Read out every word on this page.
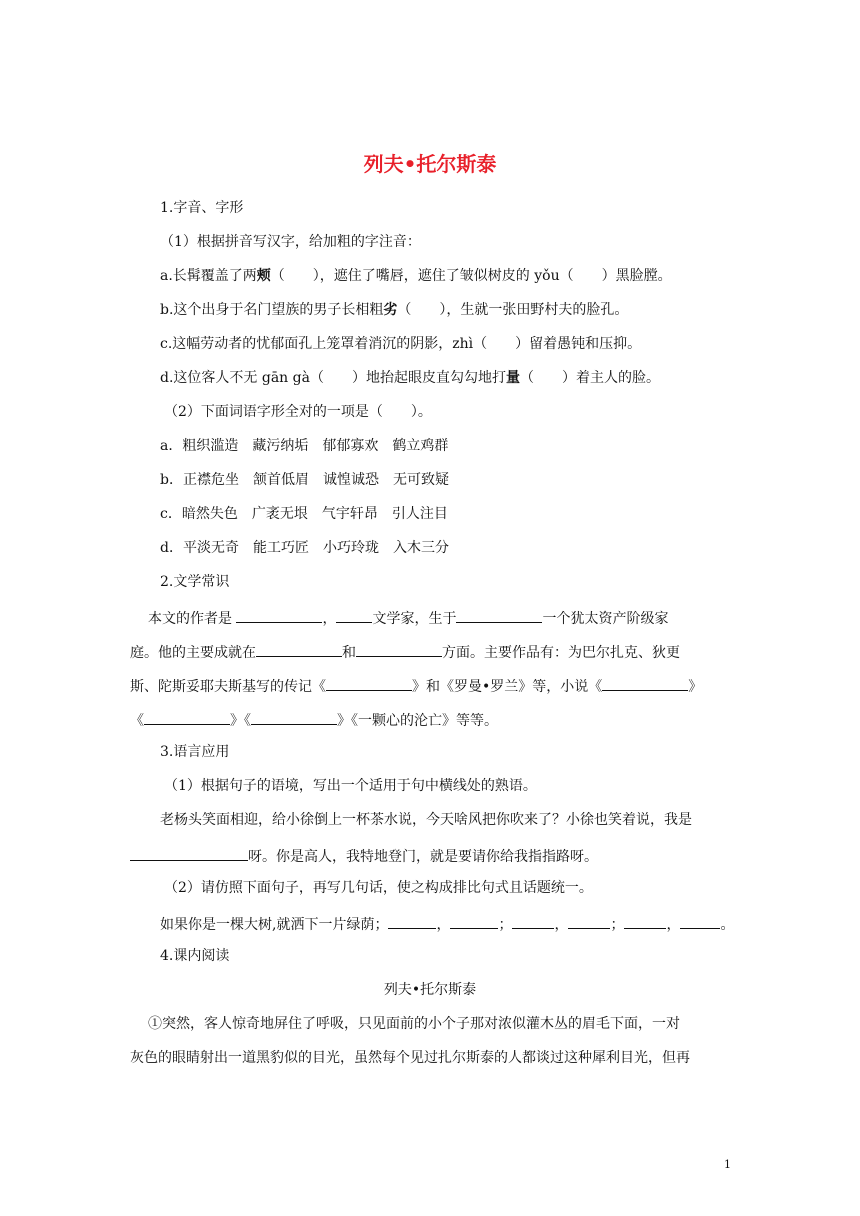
列夫•托尔斯泰
1.字音、字形
（1）根据拼音写汉字，给加粗的字注音：
a.长髯覆盖了两颊（　　），遮住了嘴唇，遮住了皱似树皮的 yǒu（　　）黑脸膛。
b.这个出身于名门望族的男子长相粗劣（　　），生就一张田野村夫的脸孔。
c.这幅劳动者的忧郁面孔上笼罩着消沉的阴影，zhì（　　）留着愚钝和压抑。
d.这位客人不无 gān gà（　　）地抬起眼皮直勾勾地打量（　　）着主人的脸。
（2）下面词语字形全对的一项是（　　）。
a．粗织滥造 藏污纳垢 郁郁寡欢 鹤立鸡群
b．正襟危坐 颔首低眉 诚惶诚恐 无可致疑
c．暗然失色 广袤无垠 气宇轩昂 引人注目
d．平淡无奇 能工巧匠 小巧玲珑 入木三分
2.文学常识
本文的作者是	，	文学家，生于	一个犹太资产阶级家
庭。他的主要成就在	和	方面。主要作品有：为巴尔扎克、狄更
斯、陀斯妥耶夫斯基写的传记《	》和《罗曼•罗兰》等，小说《	》
《	》《	》《一颗心的沦亡》等等。
3.语言应用
（1）根据句子的语境，写出一个适用于句中横线处的熟语。
老杨头笑面相迎，给小徐倒上一杯茶水说，今天啥风把你吹来了？小徐也笑着说，我是
呀。你是高人，我特地登门，就是要请你给我指指路呀。
（2）请仿照下面句子，再写几句话，使之构成排比句式且话题统一。
如果你是一棵大树,就洒下一片绿荫；	，	；	，	；	，	。
4.课内阅读
列夫•托尔斯泰
①突然，客人惊奇地屏住了呼吸，只见面前的小个子那对浓似灌木丛的眉毛下面，一对
灰色的眼睛射出一道黑豹似的目光，虽然每个见过扎尔斯泰的人都谈过这种犀利目光，但再
1
